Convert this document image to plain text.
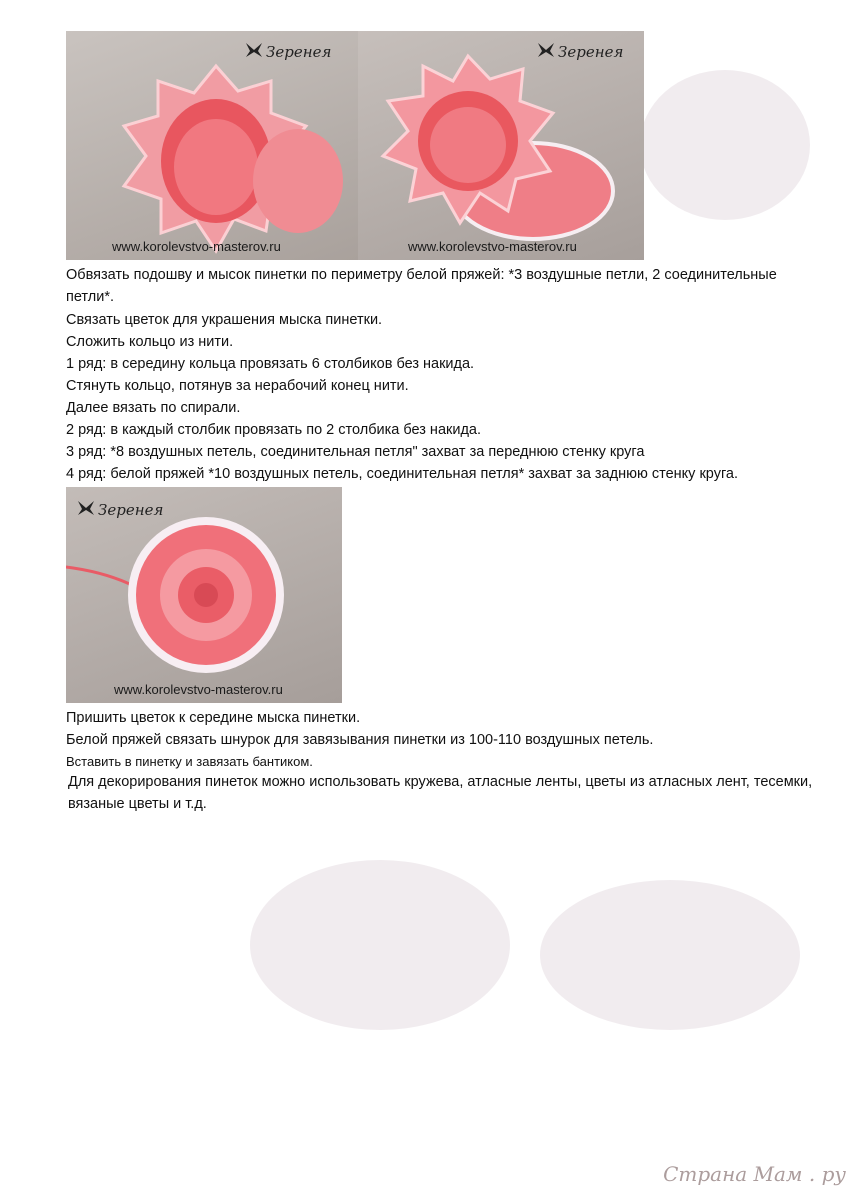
Зеренея
www.korolevstvo-masterov.ru
Зеренея
www.korolevstvo-masterov.ru
Обвязать подошву и мысок пинетки по периметру белой пряжей: *3 воздушные петли, 2 соединительные
петли*.
Связать цветок для украшения мыска пинетки.
Сложить кольцо из нити.
1 ряд: в середину кольца провязать 6 столбиков без накида.
Стянуть кольцо, потянув за нерабочий конец нити.
Далее вязать по спирали.
2 ряд: в каждый столбик провязать по 2 столбика без накида.
3 ряд: *8 воздушных петель, соединительная петля" захват за переднюю стенку круга
4 ряд: белой пряжей *10 воздушных петель, соединительная петля* захват за заднюю стенку круга.
Зеренея
www.korolevstvo-masterov.ru
Пришить цветок к середине мыска пинетки.
Белой пряжей связать шнурок для завязывания пинетки из 100-110 воздушных петель.
Вставить в пинетку и завязать бантиком.
Для декорирования пинеток можно использовать кружева, атласные ленты, цветы из атласных лент, тесемки,
вязаные цветы и т.д.
Страна Мам . ру
